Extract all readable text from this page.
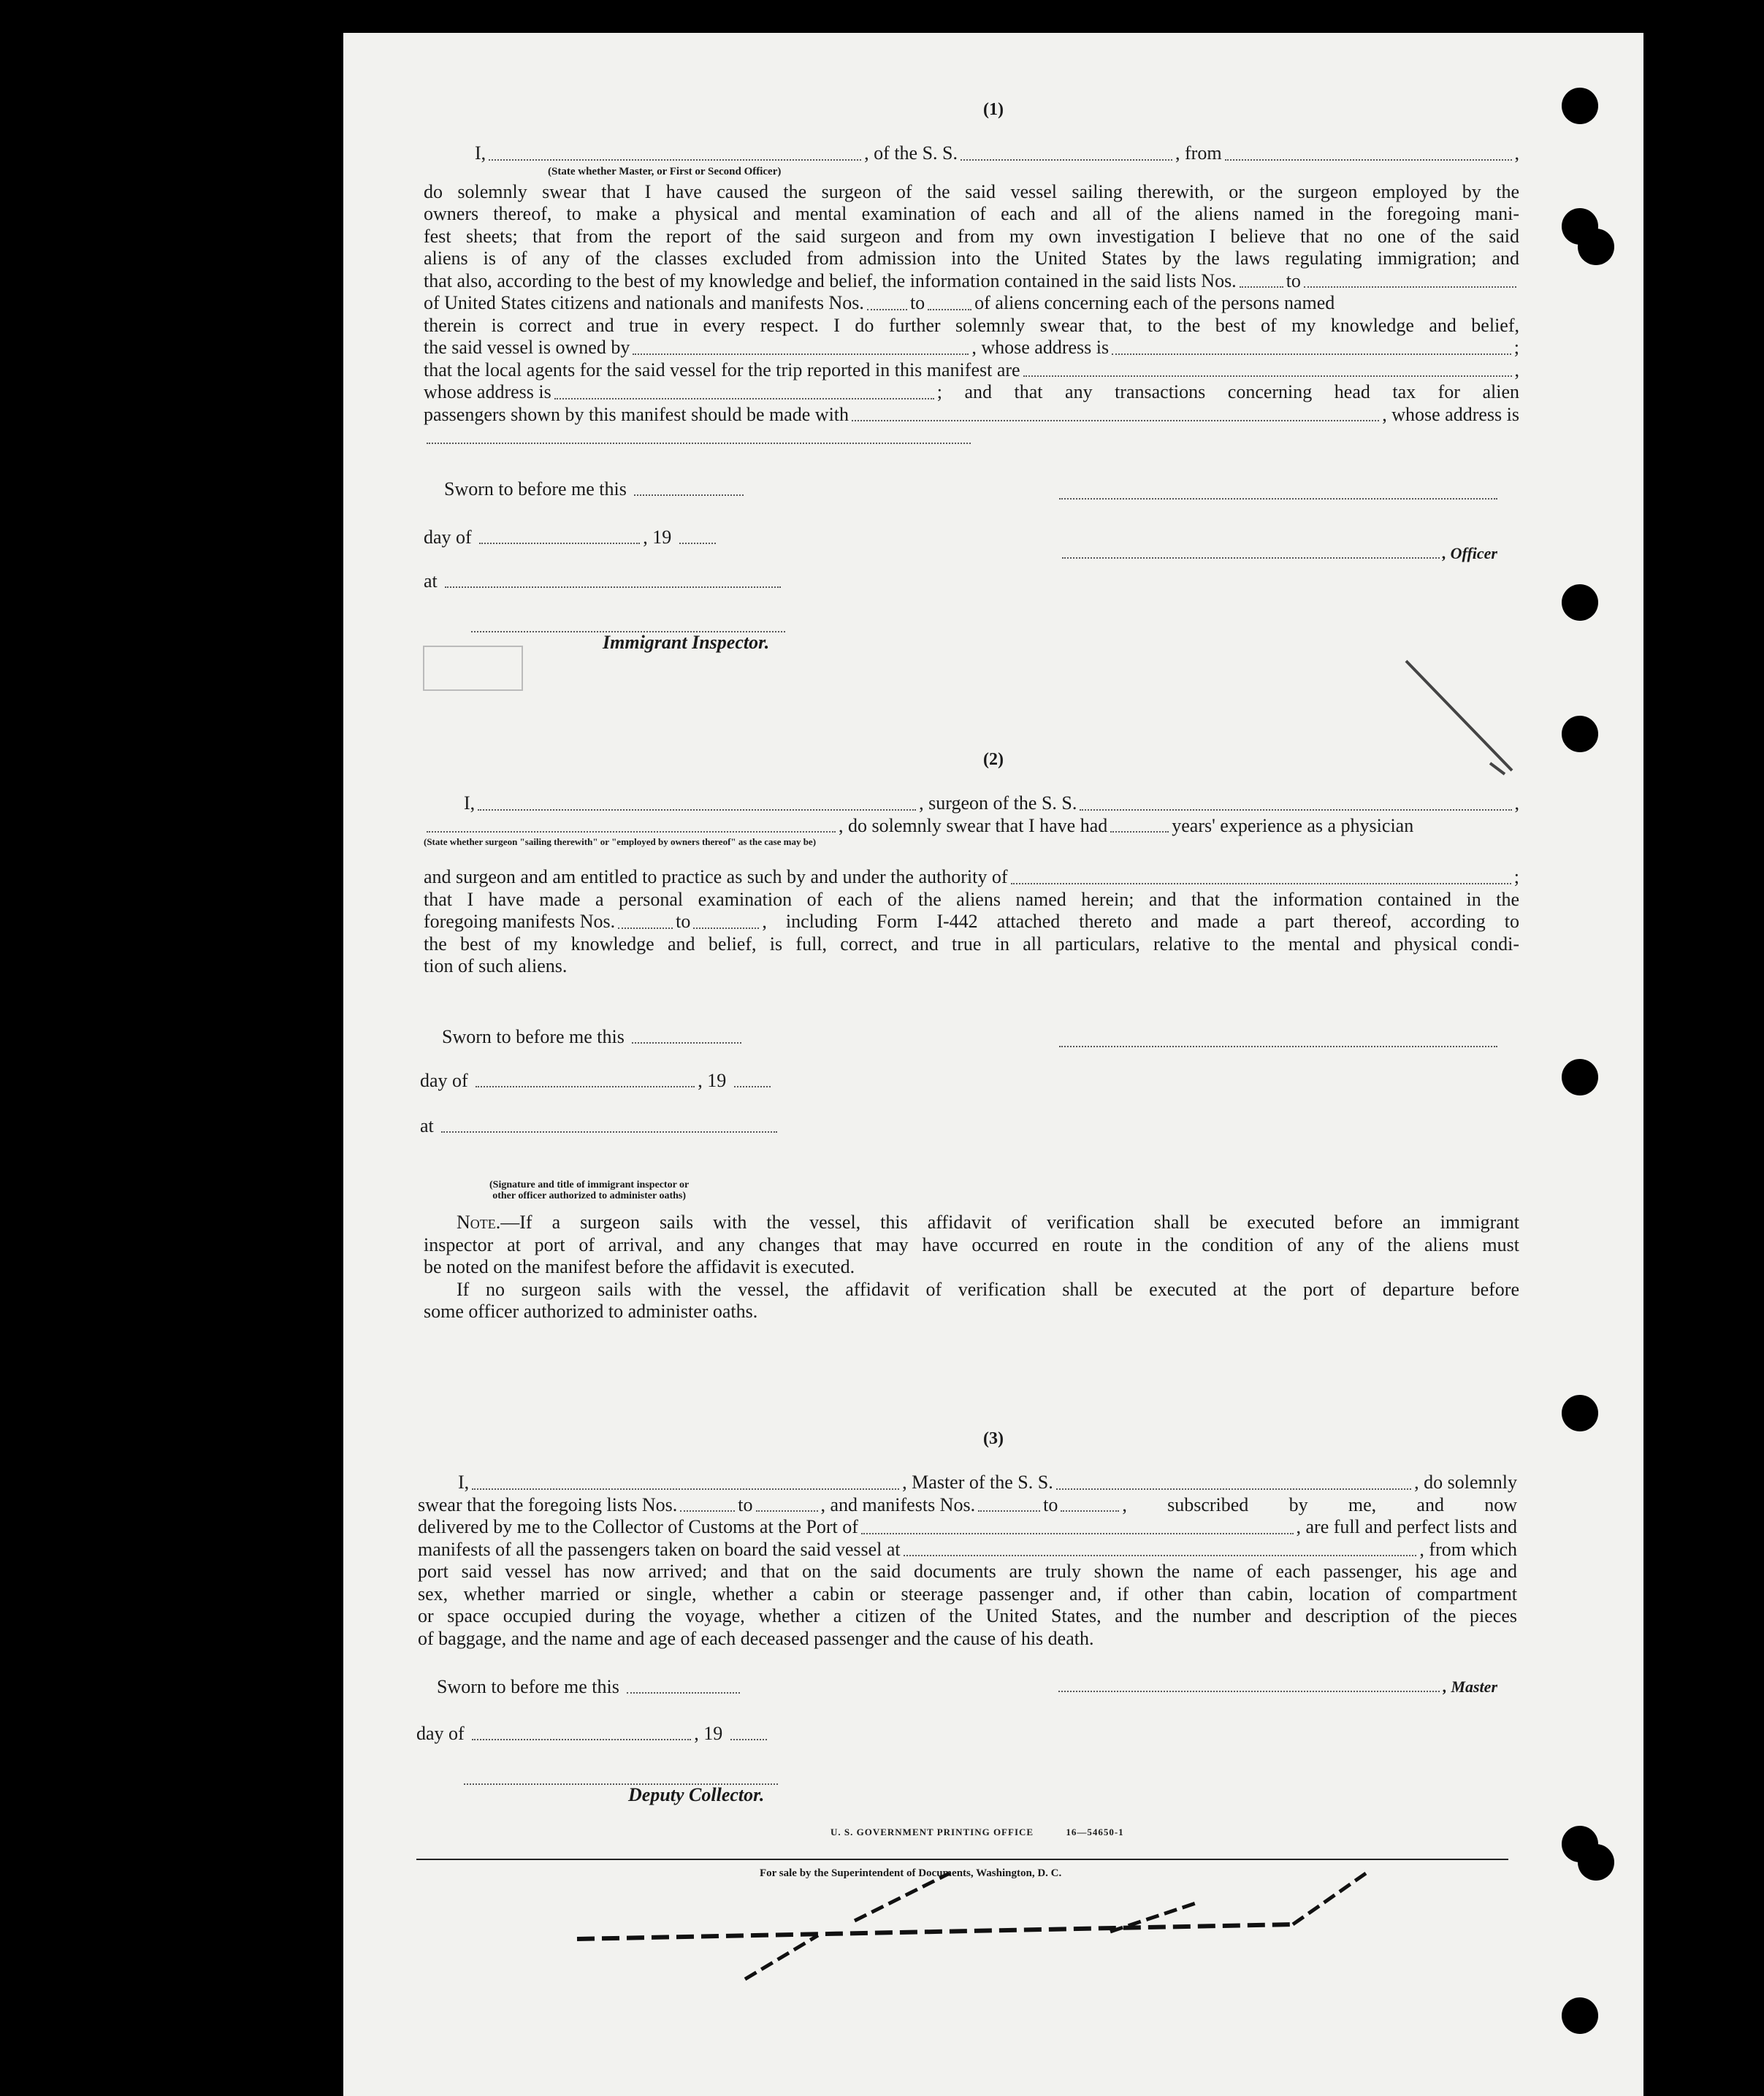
(1)
I,	, of the S. S.	, from	,
(State whether Master, or First or Second Officer)
do solemnly swear that I have caused the surgeon of the said vessel sailing therewith, or the surgeon employed by the
owners thereof, to make a physical and mental examination of each and all of the aliens named in the foregoing mani-
fest sheets; that from the report of the said surgeon and from my own investigation I believe that no one of the said
aliens is of any of the classes excluded from admission into the United States by the laws regulating immigration; and
that also, according to the best of my knowledge and belief, the information contained in the said lists Nos.	to
of United States citizens and nationals and manifests Nos. to	of aliens concerning each of the persons named
therein is correct and true in every respect. I do further solemnly swear that, to the best of my knowledge and belief,
the said vessel is owned by	, whose address is	;
that the local agents for the said vessel for the trip reported in this manifest are	,
whose address is	; and that any transactions concerning head tax for alien
passengers shown by this manifest should be made with	, whose address is
Sworn to before me this
day of	, 19
, Officer
at
Immigrant Inspector.
(2)
I,	, surgeon of the S. S.	,
, do solemnly swear that I have had	years' experience as a physician
(State whether surgeon "sailing therewith" or "employed by owners thereof" as the case may be)
and surgeon and am entitled to practice as such by and under the authority of	;
that I have made a personal examination of each of the aliens named herein; and that the information contained in the
foregoing manifests Nos.	to	, including Form I-442 attached thereto and made a part thereof, according to
the best of my knowledge and belief, is full, correct, and true in all particulars, relative to the mental and physical condi-
tion of such aliens.
Sworn to before me this
day of	, 19
at
(Signature and title of immigrant inspector or
other officer authorized to administer oaths)
Note.—If a surgeon sails with the vessel, this affidavit of verification shall be executed before an immigrant
inspector at port of arrival, and any changes that may have occurred en route in the condition of any of the aliens must
be noted on the manifest before the affidavit is executed.
If no surgeon sails with the vessel, the affidavit of verification shall be executed at the port of departure before
some officer authorized to administer oaths.
(3)
I,	, Master of the S. S.	, do solemnly
swear that the foregoing lists Nos.	to	, and manifests Nos.	to	, subscribed by me, and now
delivered by me to the Collector of Customs at the Port of	, are full and perfect lists and
manifests of all the passengers taken on board the said vessel at	, from which
port said vessel has now arrived; and that on the said documents are truly shown the name of each passenger, his age and
sex, whether married or single, whether a cabin or steerage passenger and, if other than cabin, location of compartment
or space occupied during the voyage, whether a citizen of the United States, and the number and description of the pieces
of baggage, and the name and age of each deceased passenger and the cause of his death.
Sworn to before me this	, Master
day of	, 19
Deputy Collector.
U. S. GOVERNMENT PRINTING OFFICE	16—54650-1
For sale by the Superintendent of Documents, Washington, D. C.
